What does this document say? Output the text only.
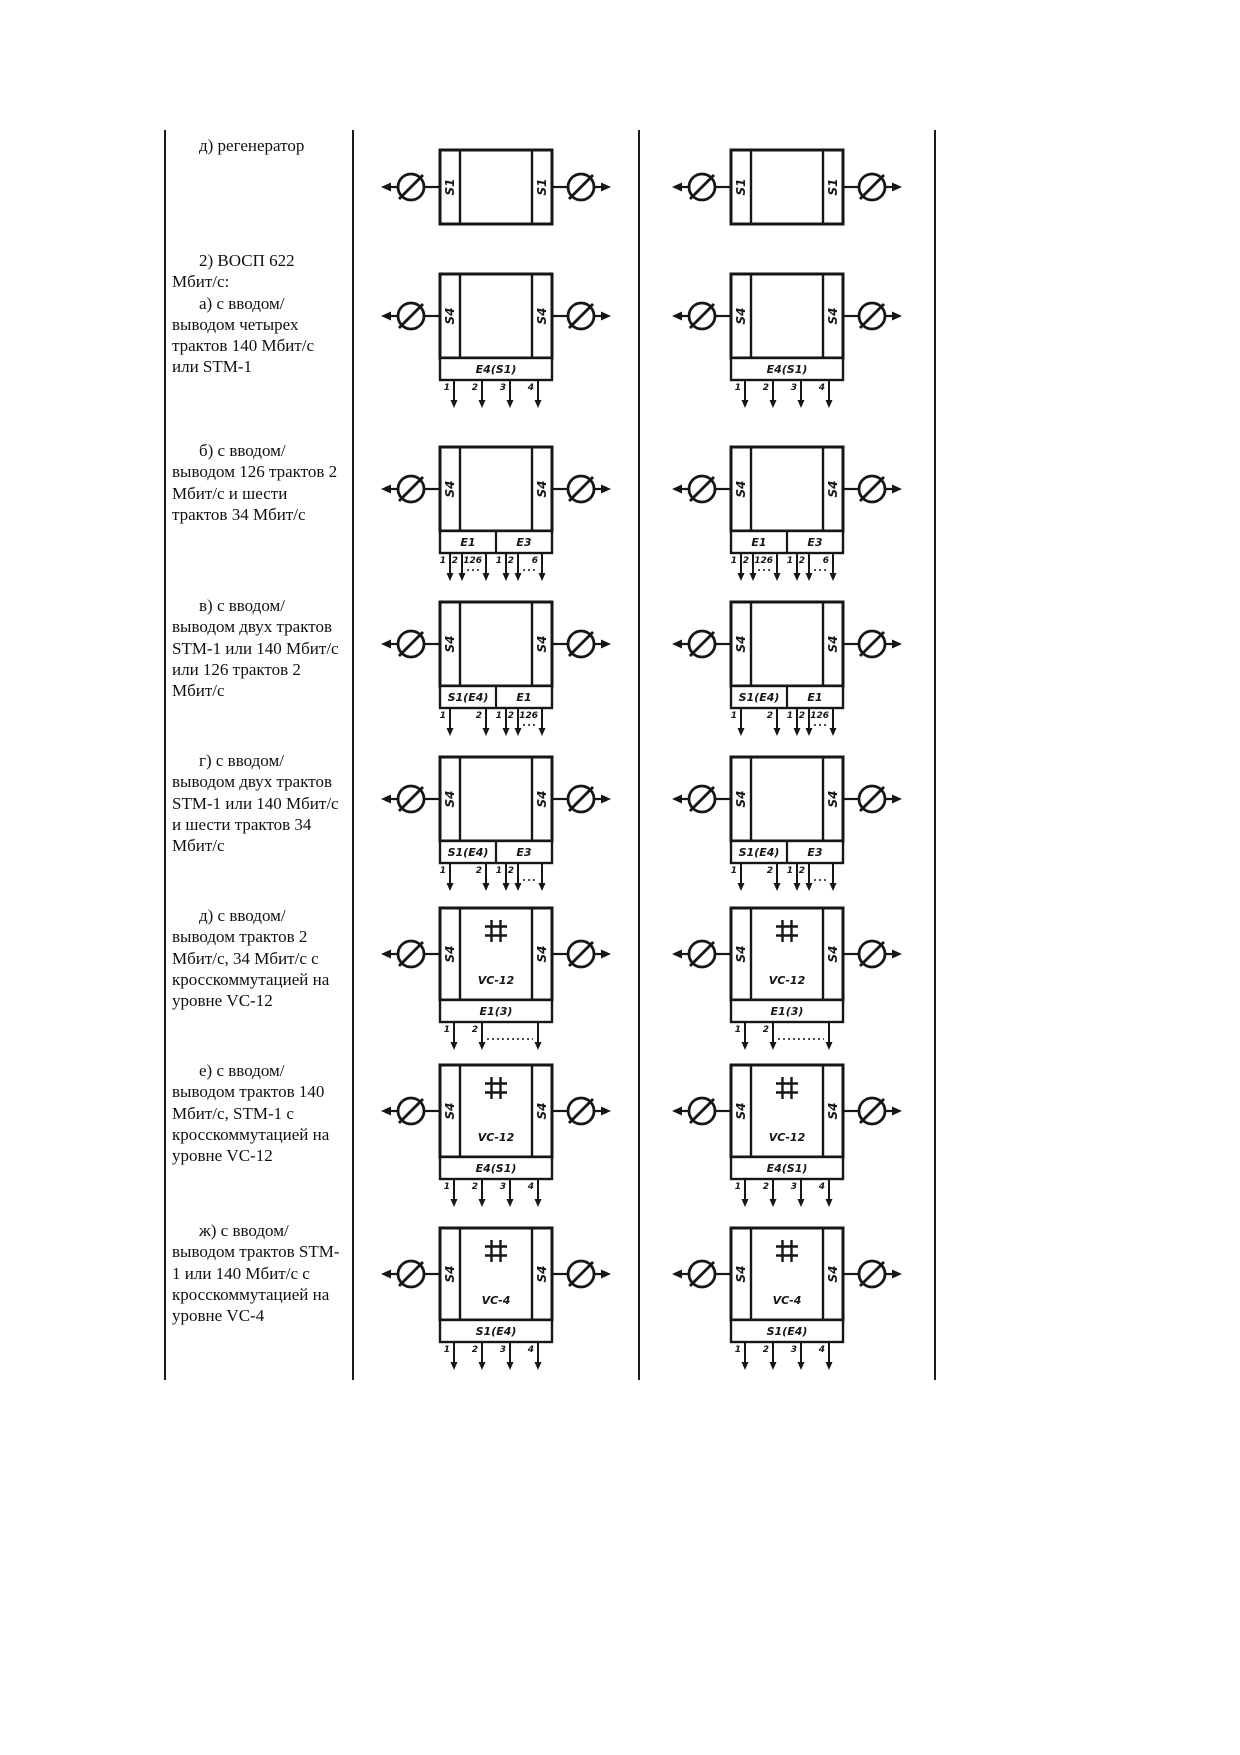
д) регенератор

S1	S1	S1	S1

2) ВОСП 622 Мбит/с:

а) с вводом/выводом четырех трактов 140 Мбит/с или STM-1

S4	S4
E4(S1)
1 2 3 4
S4	S4
E4(S1)
1 2 3 4

б) с вводом/выводом 126 трактов 2 Мбит/с и шести трактов 34 Мбит/с

S4	S4
E1
1 2 126
E3
1 2 6
S4	S4
E1
1 2 126
E3
1 2 6

в) с вводом/выводом двух трактов STM-1 или 140 Мбит/с или 126 трактов 2 Мбит/с

S4	S4
S1(E4)
1	2
E1
1 2 126
S4	S4
S1(E4)
1	2
E1
1 2 126

г) с вводом/выводом двух трактов STM-1 или 140 Мбит/с и шести трактов 34 Мбит/с

S4	S4
S1(E4)
1	2
E3
1 2
S4	S4
S1(E4)
1	2
E3
1 2

д) с вводом/выводом трактов 2 Мбит/с, 34 Мбит/с с кросскоммутацией на уровне VC-12

S4	S4
VC-12
E1(3)
1 2
S4	S4
VC-12
E1(3)
1 2

е) с вводом/выводом трактов 140 Мбит/с, STM-1 с кросскоммутацией на уровне VC-12

S4	S4
VC-12
E4(S1)
1 2 3 4
S4	S4
VC-12
E4(S1)
1 2 3 4

ж) с вводом/выводом трактов STM-1 или 140 Мбит/с с кросскоммутацией на уровне VC-4

S4	S4
VC-4
S1(E4)
1 2 3 4
S4	S4
VC-4
S1(E4)
1 2 3 4
